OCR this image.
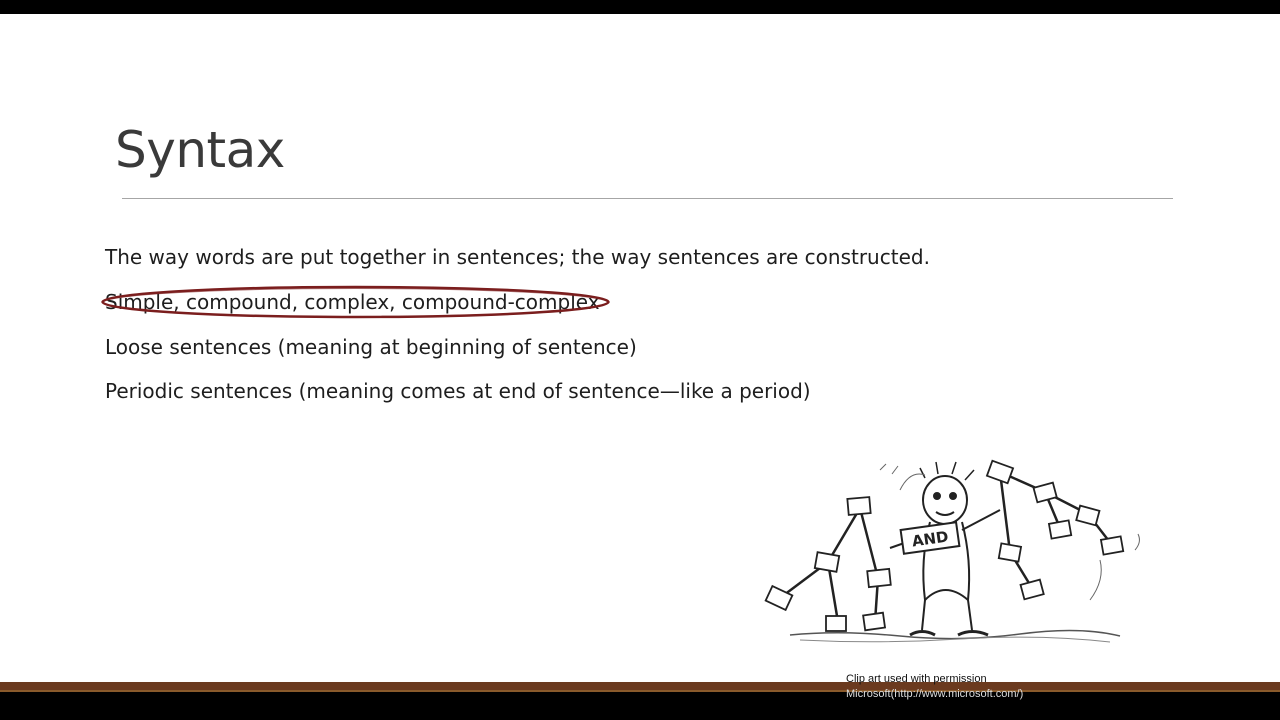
Syntax
The way words are put together in sentences; the way sentences are constructed.
Simple, compound, complex, compound-complex
Loose sentences (meaning at beginning of sentence)
Periodic sentences (meaning comes at end of sentence—like a period)
AND
Clip art used with permission
Microsoft(http://www.microsoft.com/)
